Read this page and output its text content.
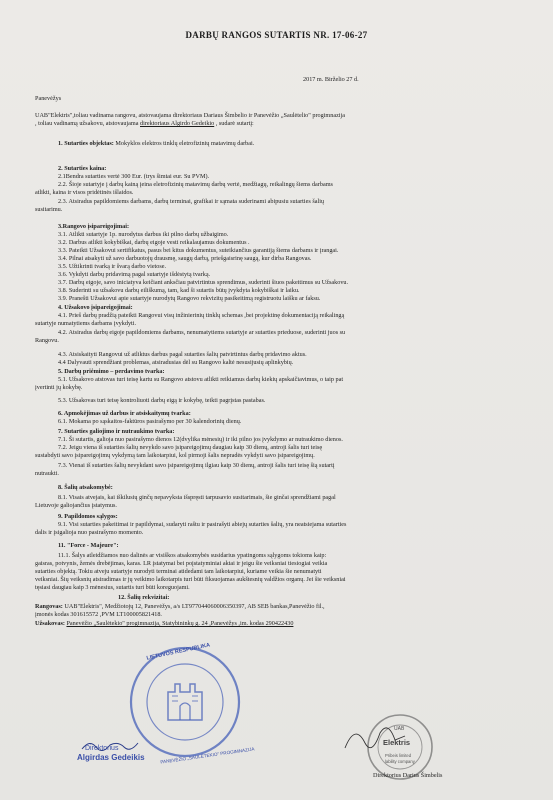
DARBŲ RANGOS SUTARTIS NR. 17-06-27
2017 m. Birželio 27 d.
Panevėžys
UAB"Elektris",toliau vadinama rangovu, atstovaujama direktoriaus Dariaus Šimbelio ir Panevėžio „Saulėtelio" progimnazija
, toliau vadinamą užsakovu, atstovaujama direktoriaus Algirdo Gedeikio , sudarė sutartį:
1. Sutarties objektas: Mokyklos elektros tinklų eletrofizinių matavimų darbai.
2. Sutarties kaina:
2.1Bendra sutarties vertė 300 Eur. (trys šimtai eur. Su PVM).
2.2. Šioje sutartyje į darbų kainą įeina eletrofizinių matavimų darbų vertė, medžiagų, reikalingų šiems darbams
atlikti, kaina ir visos pridėtinės išlaidos.
2.3. Atsiradus papildomiems darbams, darbų terminai, grafikai ir sąmata suderinami abipusiu sutarties šalių
susitarimu.
3.Rangovo įsipareigojimai:
3.1. Atlikti sutartyje 1p. nurodytus darbus iki pilno darbų užbaigimo.
3.2. Darbus atlikti kokybiškai, darbų eigoje vesti reikalaujamus dokumentus .
3.3. Pateikti Užsakovui sertifikatus, pasus bei kitus dokumentus, suteikiančius garantiją šiems darbams ir įrangai.
3.4. Pilnai atsakyti už savo darbuotojų drausmę, saugų darbą, priešgaisrinę saugą, kur dirba Rangovas.
3.5. Užtikrinti tvarką ir švarą darbo vietose.
3.6. Vykdyti darbų pridavimą pagal sutartyje išdėstytą tvarką.
3.7. Darbų eigoje, savo iniciatyva keičiant anksčiau patvirtintus sprendimus, suderinti šiuos pakeitimus su Užsakovu.
3.8. Suderinti su užsakovu darbų eiliškumą, tam, kad ši sutartis būtų įvykdyta kokybiškai ir laiku.
3.9. Pranešti Užsakovui apie sutartyje nurodytų Rangovo rekvizitų pasikeitimą registruotu laišku ar faksu.
4. Užsakovo įsipareigojimai:
4.1. Prieš darbų pradžią pateikti Rangovui visų inžinierinių tinklų schemas ,bei projektinę dokumentaciją reikalingą
sutartyje numatytiems darbams įvykdyti.
4.2. Atsiradus darbų eigoje papildomiems darbams, nenumatytiems sutartyje ar sutarties prieduose, suderinti juos su
Rangovu.
4.3. Atsiskaityti Rangovui už atliktus darbus pagal sutarties šalių patvirtintus darbų pridavimo aktus.
4.4 Dalyvauti sprendžiant problemas, atsiradusias dėl su Rangovo kaltė nesusijusių aplinkybių.
5. Darbų priėmimo – perdavimo tvarka:
5.1. Užsakovo atstovas turi teisę kartu su Rangovo atstovu atlikti reikiamus darbų kiekių apskaičiavimus, o taip pat
įvertinti jų kokybę.
5.3. Užsakovas turi teisę kontroliuoti darbų eigą ir kokybę, teikti pagrįstas pastabas.
6. Apmokėjimas už darbus ir atsiskaitymų tvarka:
6.1. Mokama po sąskaitos-faktūros pasirašymo per 30 kalendorinių dienų.
7. Sutarties galiojimo ir nutraukimo tvarka:
7.1. Ši sutartis, galioja nuo pasirašymo dienos 12(dvylika mėnesių) ir iki pilno jos įvykdymo ar nutraukimo dienos.
7.2. Jeigu viena iš sutarties šalių nevykdo savo įsipareigojimų daugiau kaip 30 dienų, antroji šalis turi teisę
sustabdyti savo įsipareigojimų vykdymą tam laikotarpiui, kol pirmoji šalis nepradės vykdyti savo įsipareigojimų.
7.3. Vienai iš sutarties šalių nevykdant savo įsipareigojimų ilgiau kaip 30 dienų, antroji šalis turi teisę šią sutartį
nutraukti.
8. Šalių atsakomybė:
8.1. Visais atvejais, kai iškilusių ginčų nepavyksta išspręsti tarpusavio susitarimais, šie ginčai sprendžiami pagal
Lietuvoje galiojančius įstatymus.
9. Papildomos sąlygos:
9.1. Visi sutarties pakeitimai ir papildymai, sudaryti raštu ir pasirašyti abiejų sutarties šalių, yra neatsiejama sutarties
dalis ir įsigalioja nuo pasirašymo momento.
11. "Force - Majeure":
11.1. Šalys atleidžiamos nuo dalinės ar visiškos atsakomybės susidarius ypatingoms sąlygoms tokioms kaip:
gaisras, potvynis, žemės drebėjimas, karas. LR įstatymai bei poįstatyminiai aktai ir jeigu šie veiksniai tiesiogiai veikia
sutarties objektą. Tokiu atveju sutartyje nurodyti terminai atidedami tam laikotarpiui, kuriame veikia šie nenumatyti
veiksniai. Šių veiksnių atsiradimas ir jų veikimo laikotarpis turi būti fiksuojamas aukštesnių valdžios organų. Jei šie veiksniai
tęsiasi daugiau kaip 3 mėnesius, sutartis turi būti koreguojami.
12. Šalių rekvizitai:
Rangovas: UAB"Elektris", Medžiotojų 12, Panevėžys, a/s LT977044060006350397, AB SEB bankas,Panevėžio fil.,
įmonės kodas 301615572 ,PVM LT100005821418.
Užsakovas: Panevėžio „Saulėtekio" progimnazija, Statybininkų g. 24 ,Panevėžys ,im. kodas 290422430
LIETUVOS RESPUBLIKA
PANEVĖŽIO „SAULĖTEKIO" PROGIMNAZIJA
Direktorius
Algirdas Gedeikis
UAB
Elektris
Pribeis limited
lability company
Direktorius Darius Šimbelis
